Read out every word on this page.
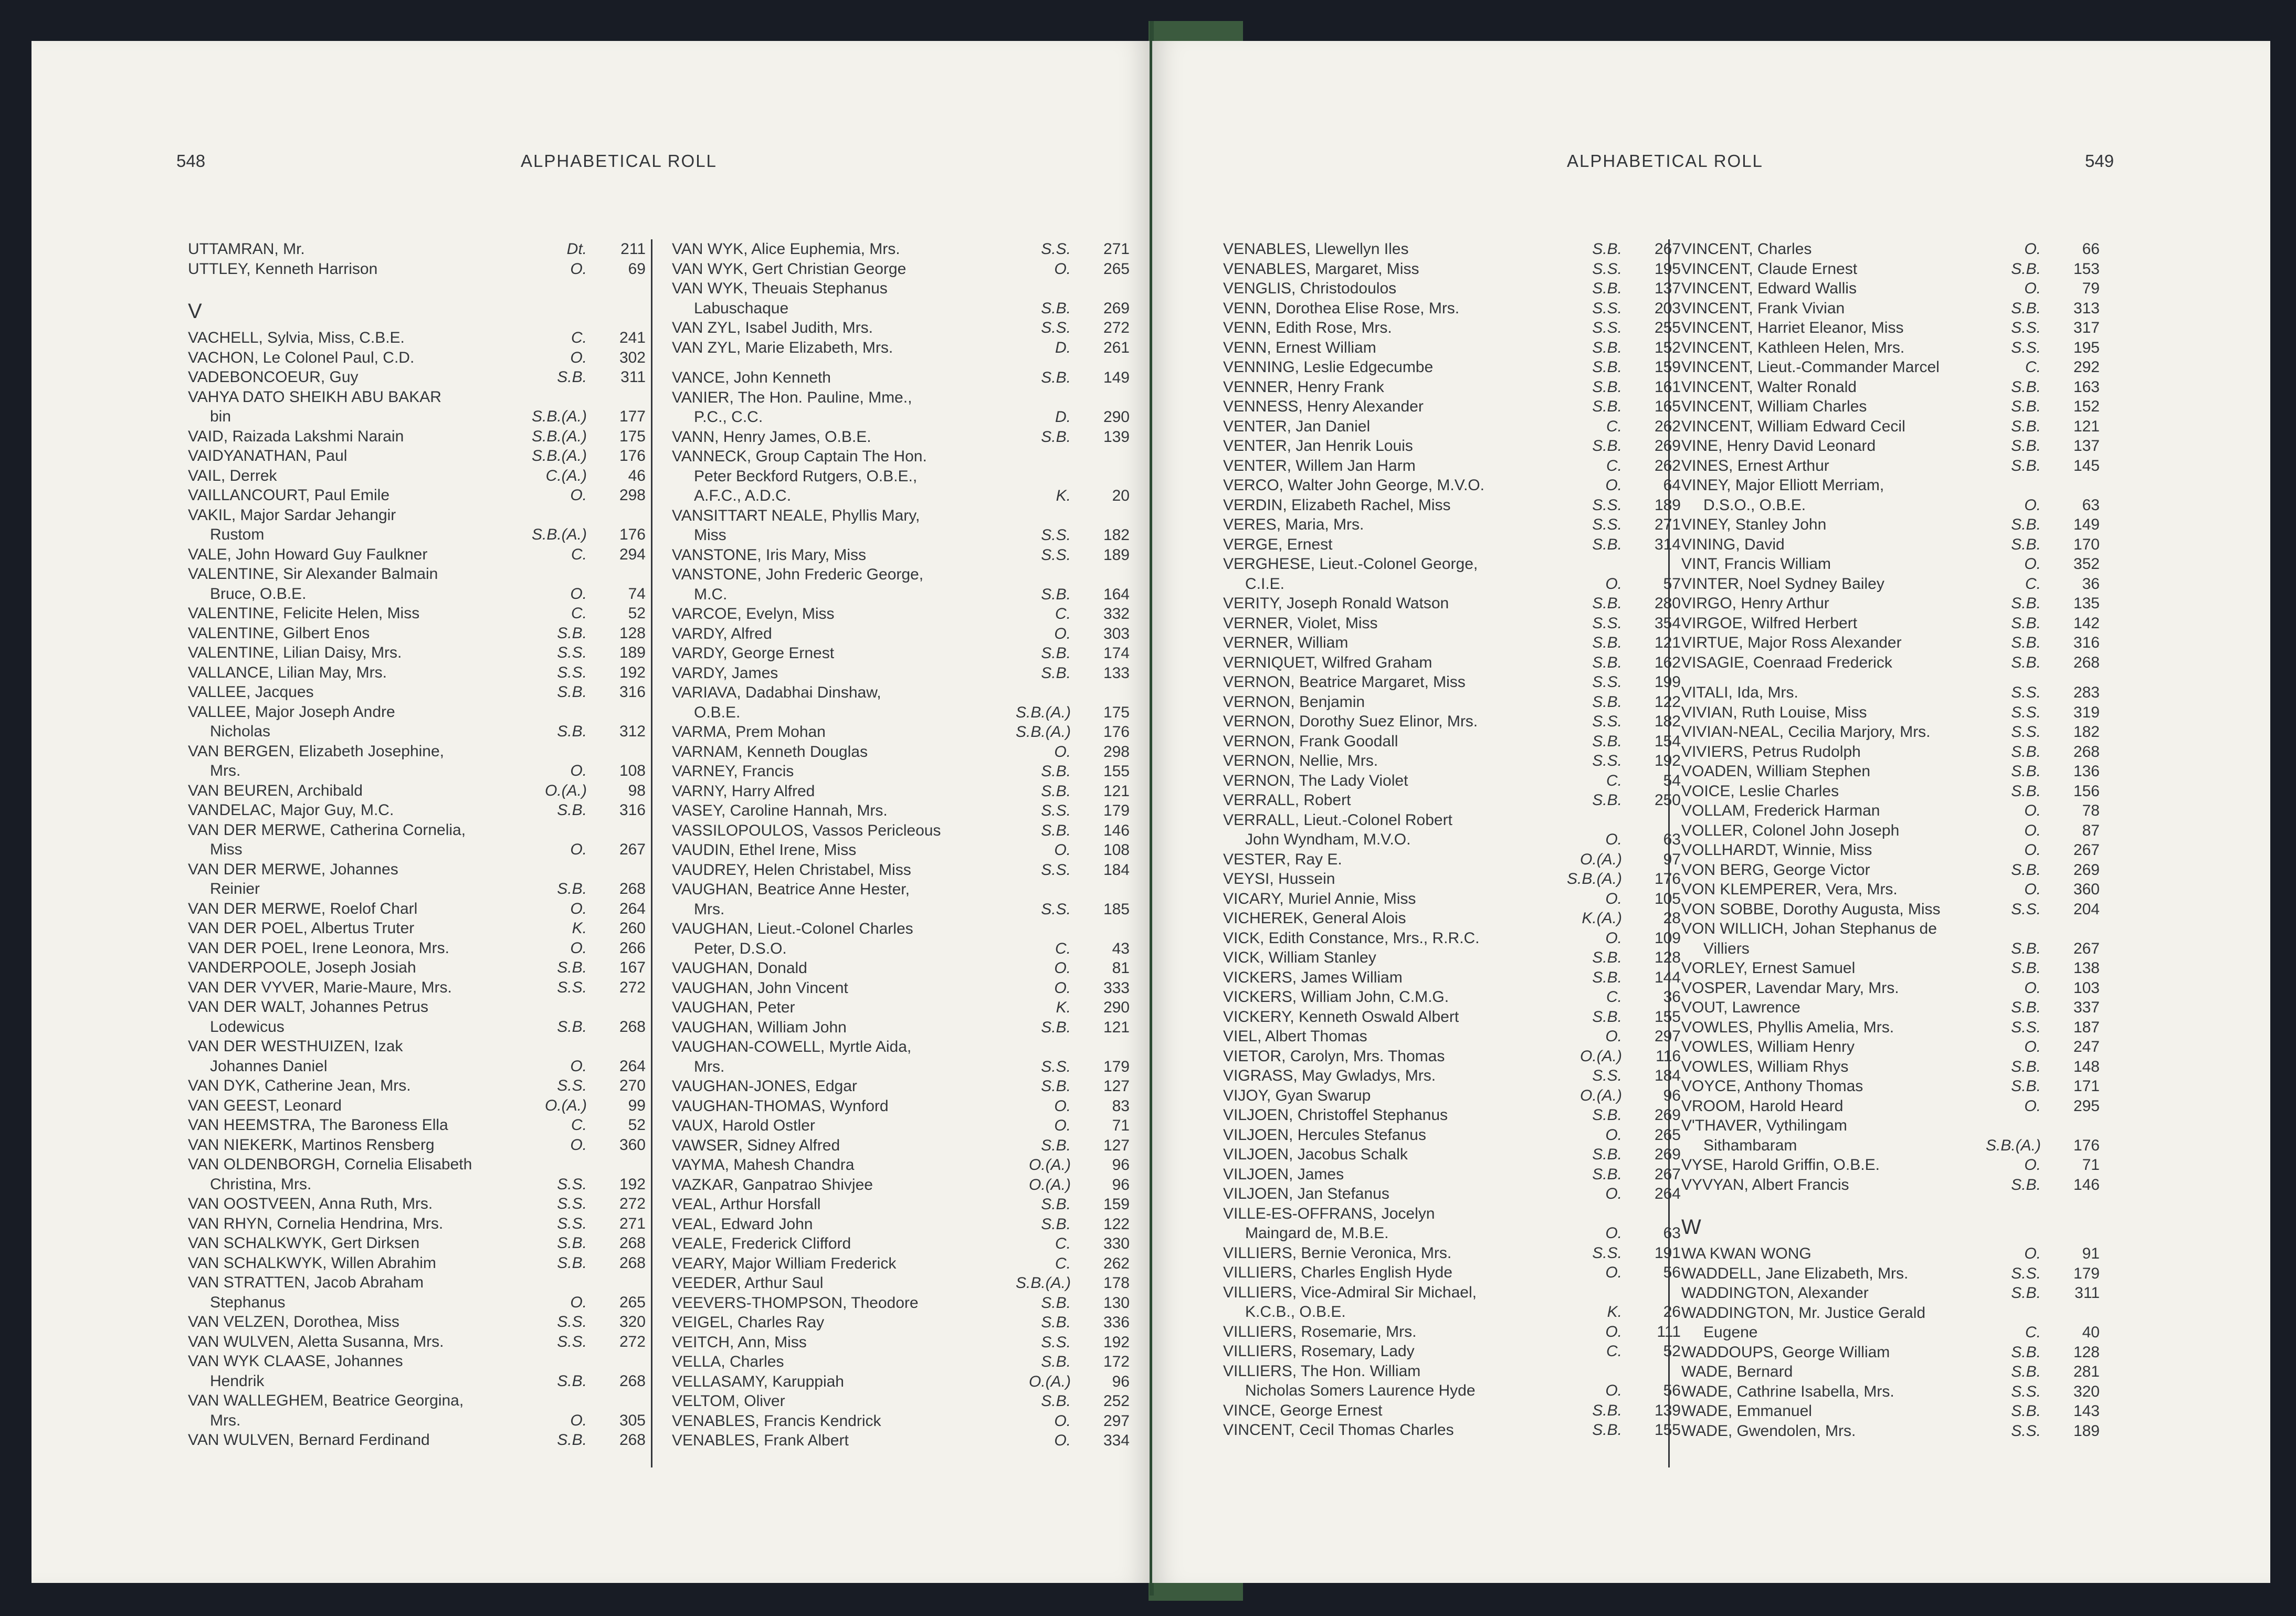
548	ALPHABETICAL ROLL
UTTAMRAN, Mr.	Dt.	211
UTTLEY, Kenneth Harrison	O.	69
V
VACHELL, Sylvia, Miss, C.B.E.	C.	241
VACHON, Le Colonel Paul, C.D.	O.	302
VADEBONCOEUR, Guy	S.B.	311
VAHYA DATO SHEIKH ABU BAKAR
bin	S.B.(A.)	177
VAID, Raizada Lakshmi Narain	S.B.(A.)	175
VAIDYANATHAN, Paul	S.B.(A.)	176
VAIL, Derrek	C.(A.)	46
VAILLANCOURT, Paul Emile	O.	298
VAKIL, Major Sardar Jehangir
Rustom	S.B.(A.)	176
VALE, John Howard Guy Faulkner	C.	294
VALENTINE, Sir Alexander Balmain
Bruce, O.B.E.	O.	74
VALENTINE, Felicite Helen, Miss	C.	52
VALENTINE, Gilbert Enos	S.B.	128
VALENTINE, Lilian Daisy, Mrs.	S.S.	189
VALLANCE, Lilian May, Mrs.	S.S.	192
VALLEE, Jacques	S.B.	316
VALLEE, Major Joseph Andre
Nicholas	S.B.	312
VAN BERGEN, Elizabeth Josephine,
Mrs.	O.	108
VAN BEUREN, Archibald	O.(A.)	98
VANDELAC, Major Guy, M.C.	S.B.	316
VAN DER MERWE, Catherina Cornelia,
Miss	O.	267
VAN DER MERWE, Johannes
Reinier	S.B.	268
VAN DER MERWE, Roelof Charl	O.	264
VAN DER POEL, Albertus Truter	K.	260
VAN DER POEL, Irene Leonora, Mrs.	O.	266
VANDERPOOLE, Joseph Josiah	S.B.	167
VAN DER VYVER, Marie-Maure, Mrs.	S.S.	272
VAN DER WALT, Johannes Petrus
Lodewicus	S.B.	268
VAN DER WESTHUIZEN, Izak
Johannes Daniel	O.	264
VAN DYK, Catherine Jean, Mrs.	S.S.	270
VAN GEEST, Leonard	O.(A.)	99
VAN HEEMSTRA, The Baroness Ella	C.	52
VAN NIEKERK, Martinos Rensberg	O.	360
VAN OLDENBORGH, Cornelia Elisabeth
Christina, Mrs.	S.S.	192
VAN OOSTVEEN, Anna Ruth, Mrs.	S.S.	272
VAN RHYN, Cornelia Hendrina, Mrs.	S.S.	271
VAN SCHALKWYK, Gert Dirksen	S.B.	268
VAN SCHALKWYK, Willen Abrahim	S.B.	268
VAN STRATTEN, Jacob Abraham
Stephanus	O.	265
VAN VELZEN, Dorothea, Miss	S.S.	320
VAN WULVEN, Aletta Susanna, Mrs.	S.S.	272
VAN WYK CLAASE, Johannes
Hendrik	S.B.	268
VAN WALLEGHEM, Beatrice Georgina,
Mrs.	O.	305
VAN WULVEN, Bernard Ferdinand	S.B.	268
VAN WYK, Alice Euphemia, Mrs.	S.S.	271
VAN WYK, Gert Christian George	O.	265
VAN WYK, Theuais Stephanus
Labuschaque	S.B.	269
VAN ZYL, Isabel Judith, Mrs.	S.S.	272
VAN ZYL, Marie Elizabeth, Mrs.	D.	261
VANCE, John Kenneth	S.B.	149
VANIER, The Hon. Pauline, Mme.,
P.C., C.C.	D.	290
VANN, Henry James, O.B.E.	S.B.	139
VANNECK, Group Captain The Hon.
Peter Beckford Rutgers, O.B.E.,
A.F.C., A.D.C.	K.	20
VANSITTART NEALE, Phyllis Mary,
Miss	S.S.	182
VANSTONE, Iris Mary, Miss	S.S.	189
VANSTONE, John Frederic George,
M.C.	S.B.	164
VARCOE, Evelyn, Miss	C.	332
VARDY, Alfred	O.	303
VARDY, George Ernest	S.B.	174
VARDY, James	S.B.	133
VARIAVA, Dadabhai Dinshaw,
O.B.E.	S.B.(A.)	175
VARMA, Prem Mohan	S.B.(A.)	176
VARNAM, Kenneth Douglas	O.	298
VARNEY, Francis	S.B.	155
VARNY, Harry Alfred	S.B.	121
VASEY, Caroline Hannah, Mrs.	S.S.	179
VASSILOPOULOS, Vassos Pericleous	S.B.	146
VAUDIN, Ethel Irene, Miss	O.	108
VAUDREY, Helen Christabel, Miss	S.S.	184
VAUGHAN, Beatrice Anne Hester,
Mrs.	S.S.	185
VAUGHAN, Lieut.-Colonel Charles
Peter, D.S.O.	C.	43
VAUGHAN, Donald	O.	81
VAUGHAN, John Vincent	O.	333
VAUGHAN, Peter	K.	290
VAUGHAN, William John	S.B.	121
VAUGHAN-COWELL, Myrtle Aida,
Mrs.	S.S.	179
VAUGHAN-JONES, Edgar	S.B.	127
VAUGHAN-THOMAS, Wynford	O.	83
VAUX, Harold Ostler	O.	71
VAWSER, Sidney Alfred	S.B.	127
VAYMA, Mahesh Chandra	O.(A.)	96
VAZKAR, Ganpatrao Shivjee	O.(A.)	96
VEAL, Arthur Horsfall	S.B.	159
VEAL, Edward John	S.B.	122
VEALE, Frederick Clifford	C.	330
VEARY, Major William Frederick	C.	262
VEEDER, Arthur Saul	S.B.(A.)	178
VEEVERS-THOMPSON, Theodore	S.B.	130
VEIGEL, Charles Ray	S.B.	336
VEITCH, Ann, Miss	S.S.	192
VELLA, Charles	S.B.	172
VELLASAMY, Karuppiah	O.(A.)	96
VELTOM, Oliver	S.B.	252
VENABLES, Francis Kendrick	O.	297
VENABLES, Frank Albert	O.	334
ALPHABETICAL ROLL	549
VENABLES, Llewellyn Iles	S.B.	267
VENABLES, Margaret, Miss	S.S.	195
VENGLIS, Christodoulos	S.B.	137
VENN, Dorothea Elise Rose, Mrs.	S.S.	203
VENN, Edith Rose, Mrs.	S.S.	255
VENN, Ernest William	S.B.	152
VENNING, Leslie Edgecumbe	S.B.	159
VENNER, Henry Frank	S.B.	161
VENNESS, Henry Alexander	S.B.	165
VENTER, Jan Daniel	C.	262
VENTER, Jan Henrik Louis	S.B.	269
VENTER, Willem Jan Harm	C.	262
VERCO, Walter John George, M.V.O.	O.	64
VERDIN, Elizabeth Rachel, Miss	S.S.	189
VERES, Maria, Mrs.	S.S.	271
VERGE, Ernest	S.B.	314
VERGHESE, Lieut.-Colonel George,
C.I.E.	O.	57
VERITY, Joseph Ronald Watson	S.B.	280
VERNER, Violet, Miss	S.S.	354
VERNER, William	S.B.	121
VERNIQUET, Wilfred Graham	S.B.	162
VERNON, Beatrice Margaret, Miss	S.S.	199
VERNON, Benjamin	S.B.	122
VERNON, Dorothy Suez Elinor, Mrs.	S.S.	182
VERNON, Frank Goodall	S.B.	154
VERNON, Nellie, Mrs.	S.S.	192
VERNON, The Lady Violet	C.	54
VERRALL, Robert	S.B.	250
VERRALL, Lieut.-Colonel Robert
John Wyndham, M.V.O.	O.	63
VESTER, Ray E.	O.(A.)	97
VEYSI, Hussein	S.B.(A.)	176
VICARY, Muriel Annie, Miss	O.	105
VICHEREK, General Alois	K.(A.)	28
VICK, Edith Constance, Mrs., R.R.C.	O.	109
VICK, William Stanley	S.B.	128
VICKERS, James William	S.B.	144
VICKERS, William John, C.M.G.	C.	36
VICKERY, Kenneth Oswald Albert	S.B.	155
VIEL, Albert Thomas	O.	297
VIETOR, Carolyn, Mrs. Thomas	O.(A.)	116
VIGRASS, May Gwladys, Mrs.	S.S.	184
VIJOY, Gyan Swarup	O.(A.)	96
VILJOEN, Christoffel Stephanus	S.B.	269
VILJOEN, Hercules Stefanus	O.	265
VILJOEN, Jacobus Schalk	S.B.	269
VILJOEN, James	S.B.	267
VILJOEN, Jan Stefanus	O.	264
VILLE-ES-OFFRANS, Jocelyn
Maingard de, M.B.E.	O.	63
VILLIERS, Bernie Veronica, Mrs.	S.S.	191
VILLIERS, Charles English Hyde	O.	56
VILLIERS, Vice-Admiral Sir Michael,
K.C.B., O.B.E.	K.	26
VILLIERS, Rosemarie, Mrs.	O.	111
VILLIERS, Rosemary, Lady	C.	52
VILLIERS, The Hon. William
Nicholas Somers Laurence Hyde	O.	56
VINCE, George Ernest	S.B.	139
VINCENT, Cecil Thomas Charles	S.B.	155
VINCENT, Charles	O.	66
VINCENT, Claude Ernest	S.B.	153
VINCENT, Edward Wallis	O.	79
VINCENT, Frank Vivian	S.B.	313
VINCENT, Harriet Eleanor, Miss	S.S.	317
VINCENT, Kathleen Helen, Mrs.	S.S.	195
VINCENT, Lieut.-Commander Marcel	C.	292
VINCENT, Walter Ronald	S.B.	163
VINCENT, William Charles	S.B.	152
VINCENT, William Edward Cecil	S.B.	121
VINE, Henry David Leonard	S.B.	137
VINES, Ernest Arthur	S.B.	145
VINEY, Major Elliott Merriam,
D.S.O., O.B.E.	O.	63
VINEY, Stanley John	S.B.	149
VINING, David	S.B.	170
VINT, Francis William	O.	352
VINTER, Noel Sydney Bailey	C.	36
VIRGO, Henry Arthur	S.B.	135
VIRGOE, Wilfred Herbert	S.B.	142
VIRTUE, Major Ross Alexander	S.B.	316
VISAGIE, Coenraad Frederick	S.B.	268
VITALI, Ida, Mrs.	S.S.	283
VIVIAN, Ruth Louise, Miss	S.S.	319
VIVIAN-NEAL, Cecilia Marjory, Mrs.	S.S.	182
VIVIERS, Petrus Rudolph	S.B.	268
VOADEN, William Stephen	S.B.	136
VOICE, Leslie Charles	S.B.	156
VOLLAM, Frederick Harman	O.	78
VOLLER, Colonel John Joseph	O.	87
VOLLHARDT, Winnie, Miss	O.	267
VON BERG, George Victor	S.B.	269
VON KLEMPERER, Vera, Mrs.	O.	360
VON SOBBE, Dorothy Augusta, Miss	S.S.	204
VON WILLICH, Johan Stephanus de
Villiers	S.B.	267
VORLEY, Ernest Samuel	S.B.	138
VOSPER, Lavendar Mary, Mrs.	O.	103
VOUT, Lawrence	S.B.	337
VOWLES, Phyllis Amelia, Mrs.	S.S.	187
VOWLES, William Henry	O.	247
VOWLES, William Rhys	S.B.	148
VOYCE, Anthony Thomas	S.B.	171
VROOM, Harold Heard	O.	295
V'THAVER, Vythilingam
Sithambaram	S.B.(A.)	176
VYSE, Harold Griffin, O.B.E.	O.	71
VYVYAN, Albert Francis	S.B.	146
W
WA KWAN WONG	O.	91
WADDELL, Jane Elizabeth, Mrs.	S.S.	179
WADDINGTON, Alexander	S.B.	311
WADDINGTON, Mr. Justice Gerald
Eugene	C.	40
WADDOUPS, George William	S.B.	128
WADE, Bernard	S.B.	281
WADE, Cathrine Isabella, Mrs.	S.S.	320
WADE, Emmanuel	S.B.	143
WADE, Gwendolen, Mrs.	S.S.	189
